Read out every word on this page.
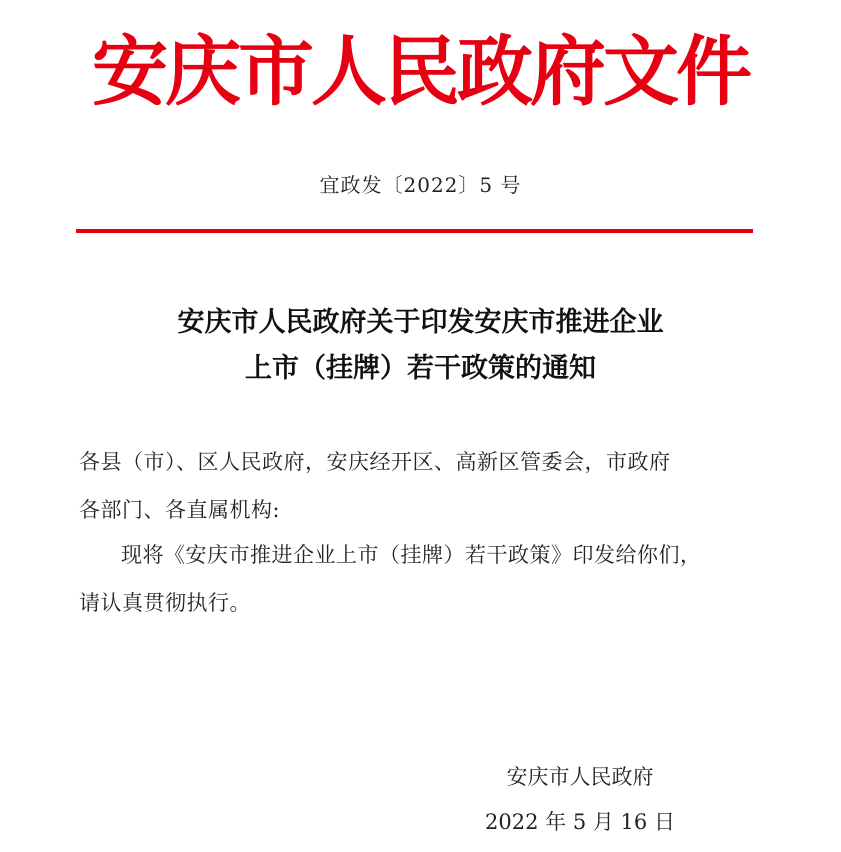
安庆市人民政府文件
宜政发〔2022〕5 号
安庆市人民政府关于印发安庆市推进企业
上市（挂牌）若干政策的通知
各县（市）、区人民政府，安庆经开区、高新区管委会，市政府
各部门、各直属机构:
现将《安庆市推进企业上市（挂牌）若干政策》印发给你们，
请认真贯彻执行。
安庆市人民政府
2022 年 5 月 16 日
